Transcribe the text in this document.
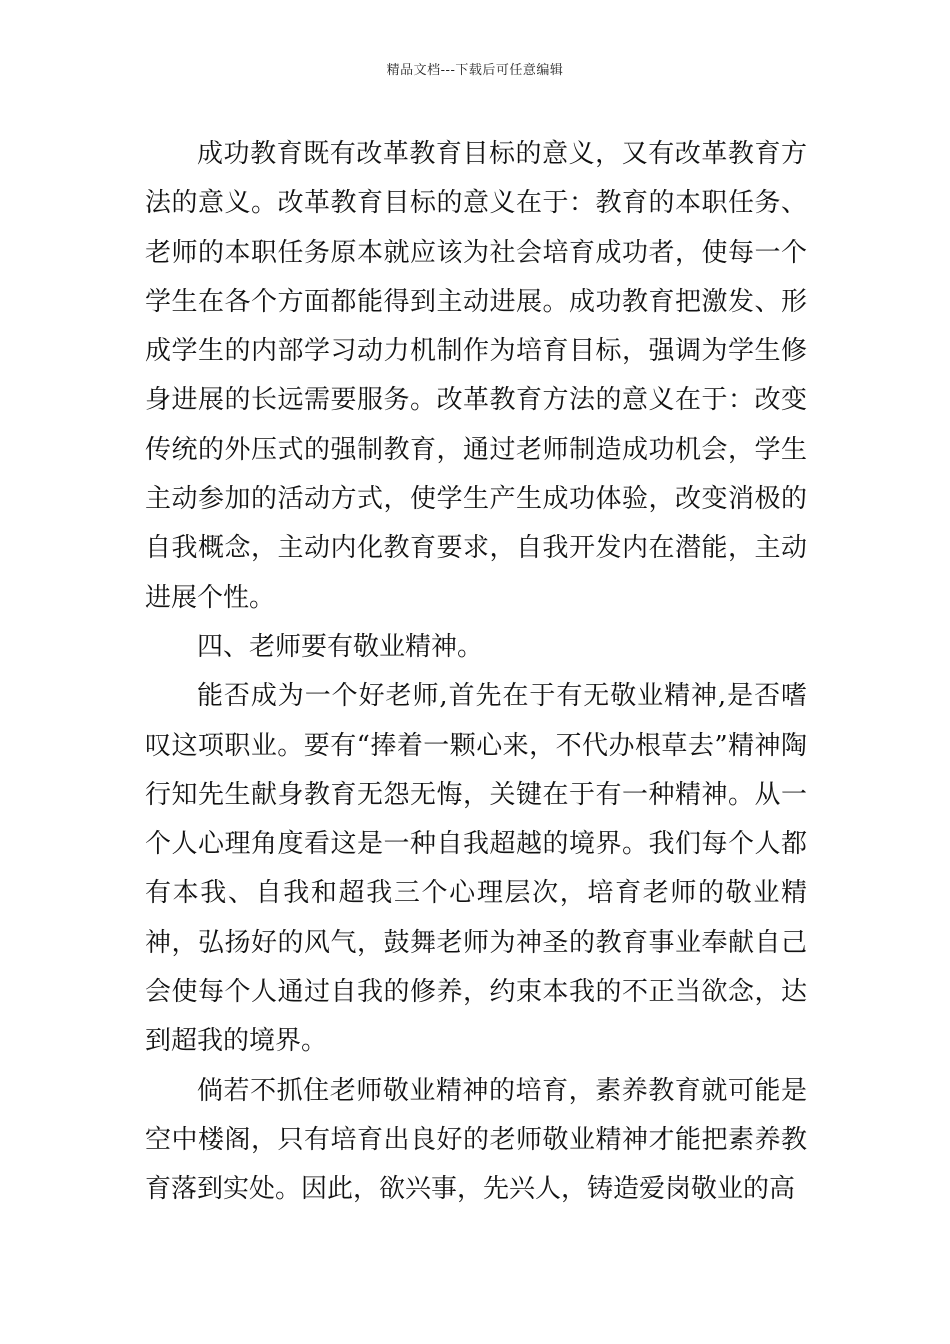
精品文档---下载后可任意编辑

成功教育既有改革教育目标的意义，又有改革教育方法的意义。改革教育目标的意义在于：教育的本职任务、老师的本职任务原本就应该为社会培育成功者，使每一个学生在各个方面都能得到主动进展。成功教育把激发、形成学生的内部学习动力机制作为培育目标，强调为学生修身进展的长远需要服务。改革教育方法的意义在于：改变传统的外压式的强制教育，通过老师制造成功机会，学生主动参加的活动方式，使学生产生成功体验，改变消极的自我概念，主动内化教育要求，自我开发内在潜能，主动进展个性。

四、老师要有敬业精神。

能否成为一个好老师,首先在于有无敬业精神,是否嗜叹这项职业。要有“捧着一颗心来，不代办根草去”精神陶行知先生献身教育无怨无悔，关键在于有一种精神。从一个人心理角度看这是一种自我超越的境界。我们每个人都有本我、自我和超我三个心理层次，培育老师的敬业精神，弘扬好的风气，鼓舞老师为神圣的教育事业奉献自己会使每个人通过自我的修养，约束本我的不正当欲念，达到超我的境界。

倘若不抓住老师敬业精神的培育，素养教育就可能是空中楼阁，只有培育出良好的老师敬业精神才能把素养教育落到实处。因此，欲兴事，先兴人，铸造爱岗敬业的高
